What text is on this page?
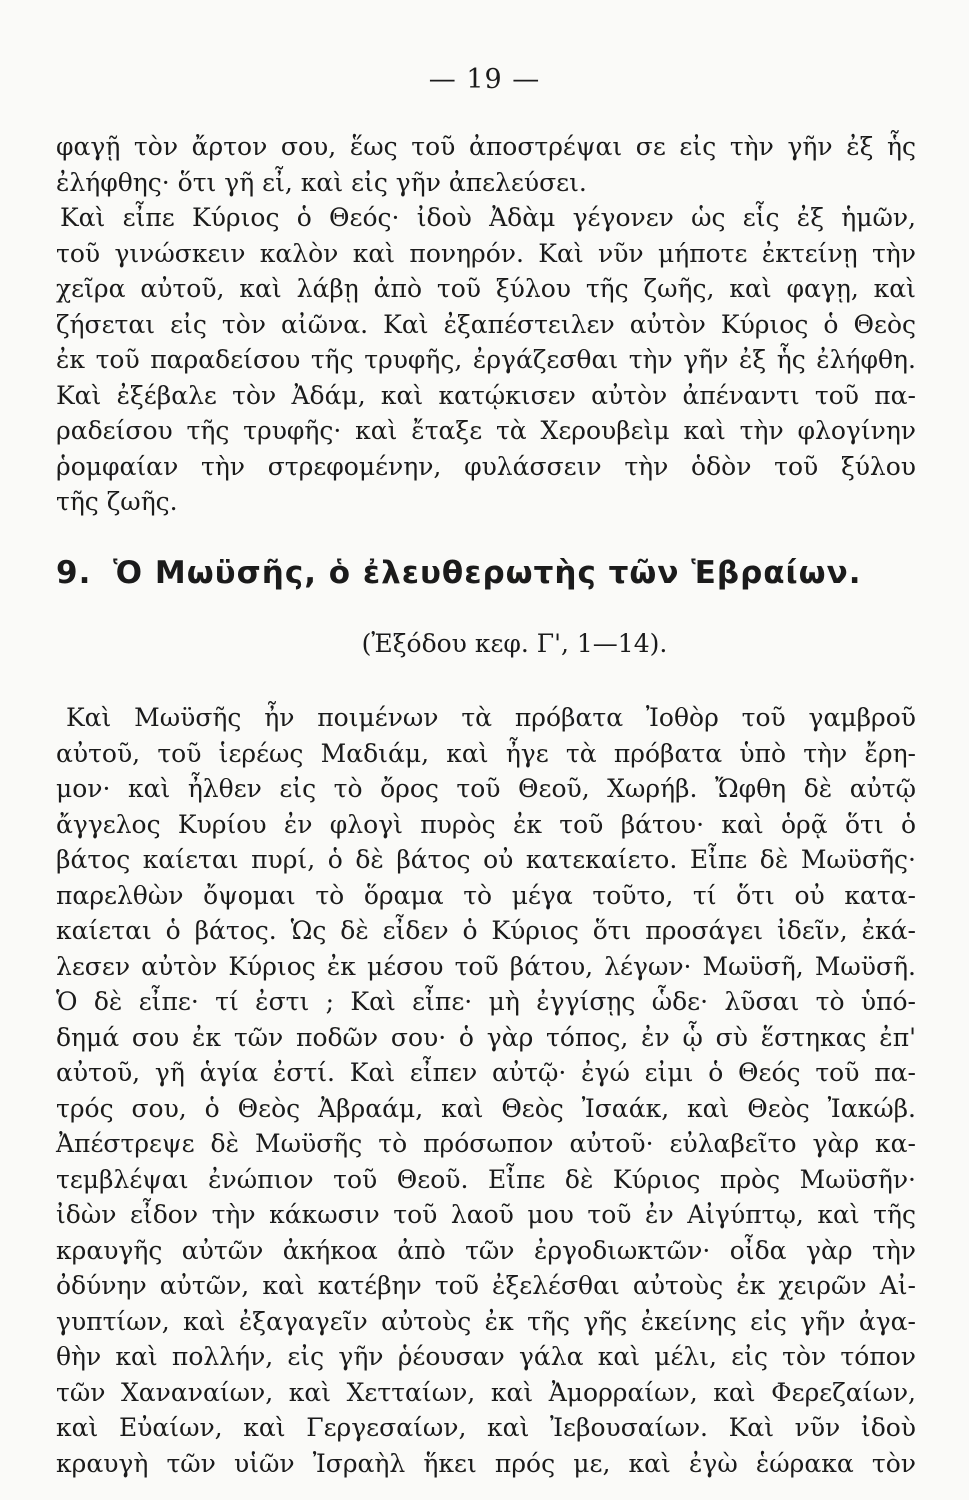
— 19 —
φαγῇ τὸν ἄρτον σου, ἕως τοῦ ἀποστρέψαι σε εἰς τὴν γῆν ἐξ ἧς
ἐλήφθης· ὅτι γῆ εἶ, καὶ εἰς γῆν ἀπελεύσει.
Καὶ εἶπε Κύριος ὁ Θεός· ἰδοὺ Ἀδὰμ γέγονεν ὡς εἷς ἐξ ἡμῶν,
τοῦ γινώσκειν καλὸν καὶ πονηρόν. Καὶ νῦν μήποτε ἐκτείνῃ τὴν
χεῖρα αὐτοῦ, καὶ λάβῃ ἀπὸ τοῦ ξύλου τῆς ζωῆς, καὶ φαγῃ, καὶ
ζήσεται εἰς τὸν αἰῶνα. Καὶ ἐξαπέστειλεν αὐτὸν Κύριος ὁ Θεὸς
ἐκ τοῦ παραδείσου τῆς τρυφῆς, ἐργάζεσθαι τὴν γῆν ἐξ ἧς ἐλήφθη.
Καὶ ἐξέβαλε τὸν Ἀδάμ, καὶ κατῴκισεν αὐτὸν ἀπέναντι τοῦ πα-
ραδείσου τῆς τρυφῆς· καὶ ἔταξε τὰ Χερουβεὶμ καὶ τὴν φλογίνην
ῥομφαίαν τὴν στρεφομένην, φυλάσσειν τὴν ὁδὸν τοῦ ξύλου
τῆς ζωῆς.
9. Ὁ Μωϋσῆς, ὁ ἐλευθερωτὴς τῶν Ἑβραίων.
(Ἐξόδου κεφ. Γ', 1—14).
Καὶ Μωϋσῆς ἦν ποιμένων τὰ πρόβατα Ἰοθὸρ τοῦ γαμβροῦ
αὐτοῦ, τοῦ ἱερέως Μαδιάμ, καὶ ἦγε τὰ πρόβατα ὑπὸ τὴν ἔρη-
μον· καὶ ἦλθεν εἰς τὸ ὄρος τοῦ Θεοῦ, Χωρήβ. Ὤφθη δὲ αὐτῷ
ἄγγελος Κυρίου ἐν φλογὶ πυρὸς ἐκ τοῦ βάτου· καὶ ὁρᾷ ὅτι ὁ
βάτος καίεται πυρί, ὁ δὲ βάτος οὐ κατεκαίετο. Εἶπε δὲ Μωϋσῆς·
παρελθὼν ὄψομαι τὸ ὅραμα τὸ μέγα τοῦτο, τί ὅτι οὐ κατα-
καίεται ὁ βάτος. Ὡς δὲ εἶδεν ὁ Κύριος ὅτι προσάγει ἰδεῖν, ἐκά-
λεσεν αὐτὸν Κύριος ἐκ μέσου τοῦ βάτου, λέγων· Μωϋσῆ, Μωϋσῆ.
Ὁ δὲ εἶπε· τί ἐστι ; Καὶ εἶπε· μὴ ἐγγίσῃς ὧδε· λῦσαι τὸ ὑπό-
δημά σου ἐκ τῶν ποδῶν σου· ὁ γὰρ τόπος, ἐν ᾧ σὺ ἕστηκας ἐπ'
αὐτοῦ, γῆ ἁγία ἐστί. Καὶ εἶπεν αὐτῷ· ἐγώ εἰμι ὁ Θεός τοῦ πα-
τρός σου, ὁ Θεὸς Ἀβραάμ, καὶ Θεὸς Ἰσαάκ, καὶ Θεὸς Ἰακώβ.
Ἀπέστρεψε δὲ Μωϋσῆς τὸ πρόσωπον αὐτοῦ· εὐλαβεῖτο γὰρ κα-
τεμβλέψαι ἐνώπιον τοῦ Θεοῦ. Εἶπε δὲ Κύριος πρὸς Μωϋσῆν·
ἰδὼν εἶδον τὴν κάκωσιν τοῦ λαοῦ μου τοῦ ἐν Αἰγύπτῳ, καὶ τῆς
κραυγῆς αὐτῶν ἀκήκοα ἀπὸ τῶν ἐργοδιωκτῶν· οἶδα γὰρ τὴν
ὀδύνην αὐτῶν, καὶ κατέβην τοῦ ἐξελέσθαι αὐτοὺς ἐκ χειρῶν Αἰ-
γυπτίων, καὶ ἐξαγαγεῖν αὐτοὺς ἐκ τῆς γῆς ἐκείνης εἰς γῆν ἀγα-
θὴν καὶ πολλήν, εἰς γῆν ῥέουσαν γάλα καὶ μέλι, εἰς τὸν τόπον
τῶν Χαναναίων, καὶ Χετταίων, καὶ Ἀμορραίων, καὶ Φερεζαίων,
καὶ Εὐαίων, καὶ Γεργεσαίων, καὶ Ἰεβουσαίων. Καὶ νῦν ἰδοὺ
κραυγὴ τῶν υἱῶν Ἰσραὴλ ἥκει πρός με, καὶ ἐγὼ ἑώρακα τὸν
